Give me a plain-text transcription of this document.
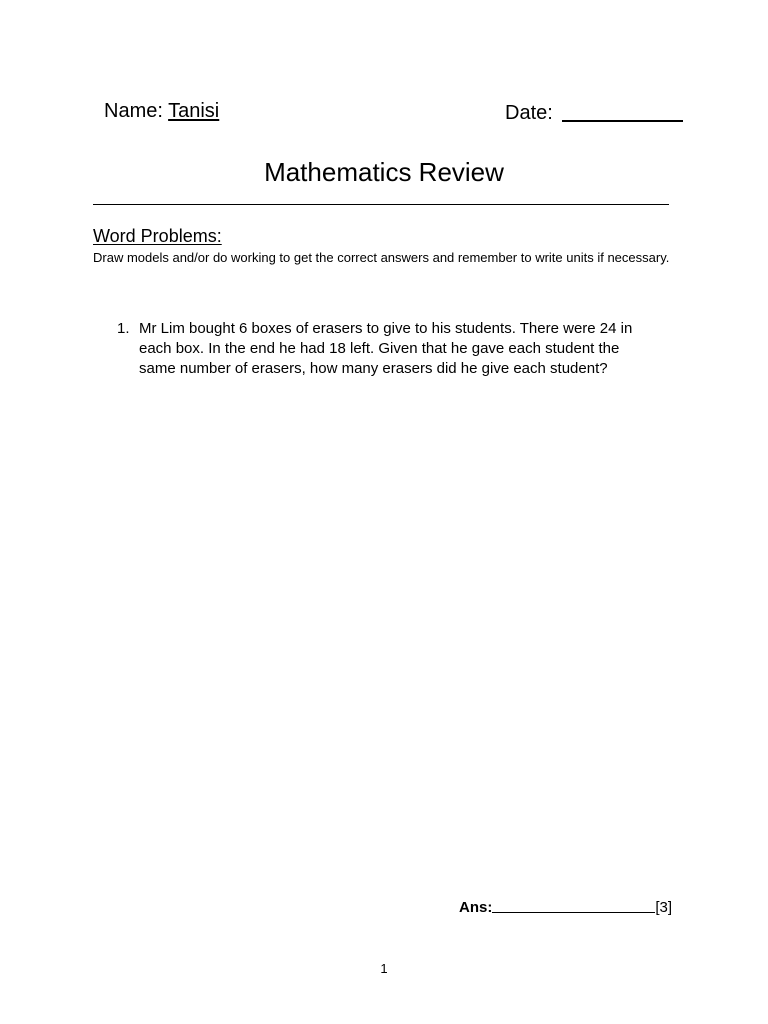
Name: Tanisi	Date:
Mathematics Review
Word Problems:
Draw models and/or do working to get the correct answers and remember to write units if necessary.
1. Mr Lim bought 6 boxes of erasers to give to his students. There were 24 in each box. In the end he had 18 left. Given that he gave each student the same number of erasers, how many erasers did he give each student?
Ans:	[3]
1
